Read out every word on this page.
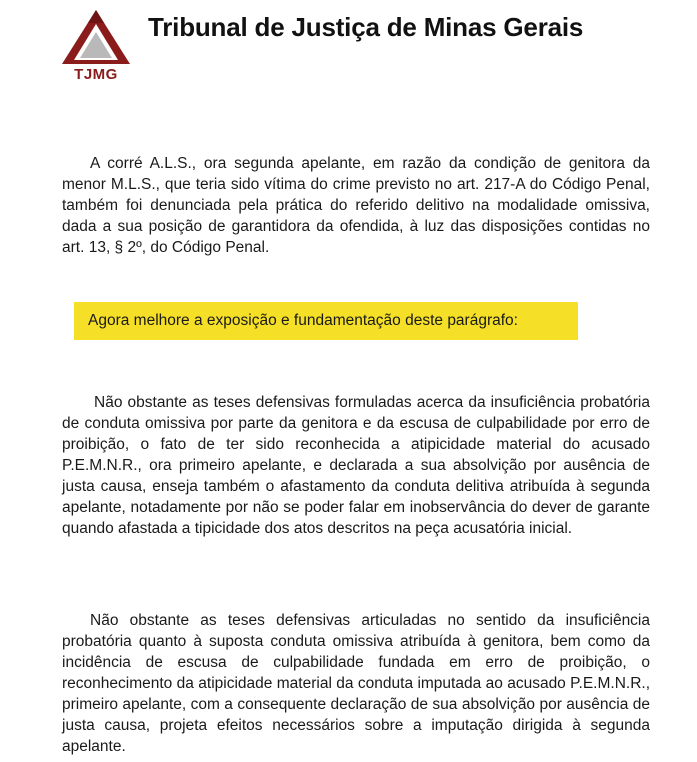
TJMG
Tribunal de Justiça de Minas Gerais

A corré A.L.S., ora segunda apelante, em razão da condição de genitora da menor M.L.S., que teria sido vítima do crime previsto no art. 217-A do Código Penal, também foi denunciada pela prática do referido delitivo na modalidade omissiva, dada a sua posição de garantidora da ofendida, à luz das disposições contidas no art. 13, § 2º, do Código Penal.

Agora melhore a exposição e fundamentação deste parágrafo:

Não obstante as teses defensivas formuladas acerca da insuficiência probatória de conduta omissiva por parte da genitora e da escusa de culpabilidade por erro de proibição, o fato de ter sido reconhecida a atipicidade material do acusado P.E.M.N.R., ora primeiro apelante, e declarada a sua absolvição por ausência de justa causa, enseja também o afastamento da conduta delitiva atribuída à segunda apelante, notadamente por não se poder falar em inobservância do dever de garante quando afastada a tipicidade dos atos descritos na peça acusatória inicial.

Não obstante as teses defensivas articuladas no sentido da insuficiência probatória quanto à suposta conduta omissiva atribuída à genitora, bem como da incidência de escusa de culpabilidade fundada em erro de proibição, o reconhecimento da atipicidade material da conduta imputada ao acusado P.E.M.N.R., primeiro apelante, com a consequente declaração de sua absolvição por ausência de justa causa, projeta efeitos necessários sobre a imputação dirigida à segunda apelante.
